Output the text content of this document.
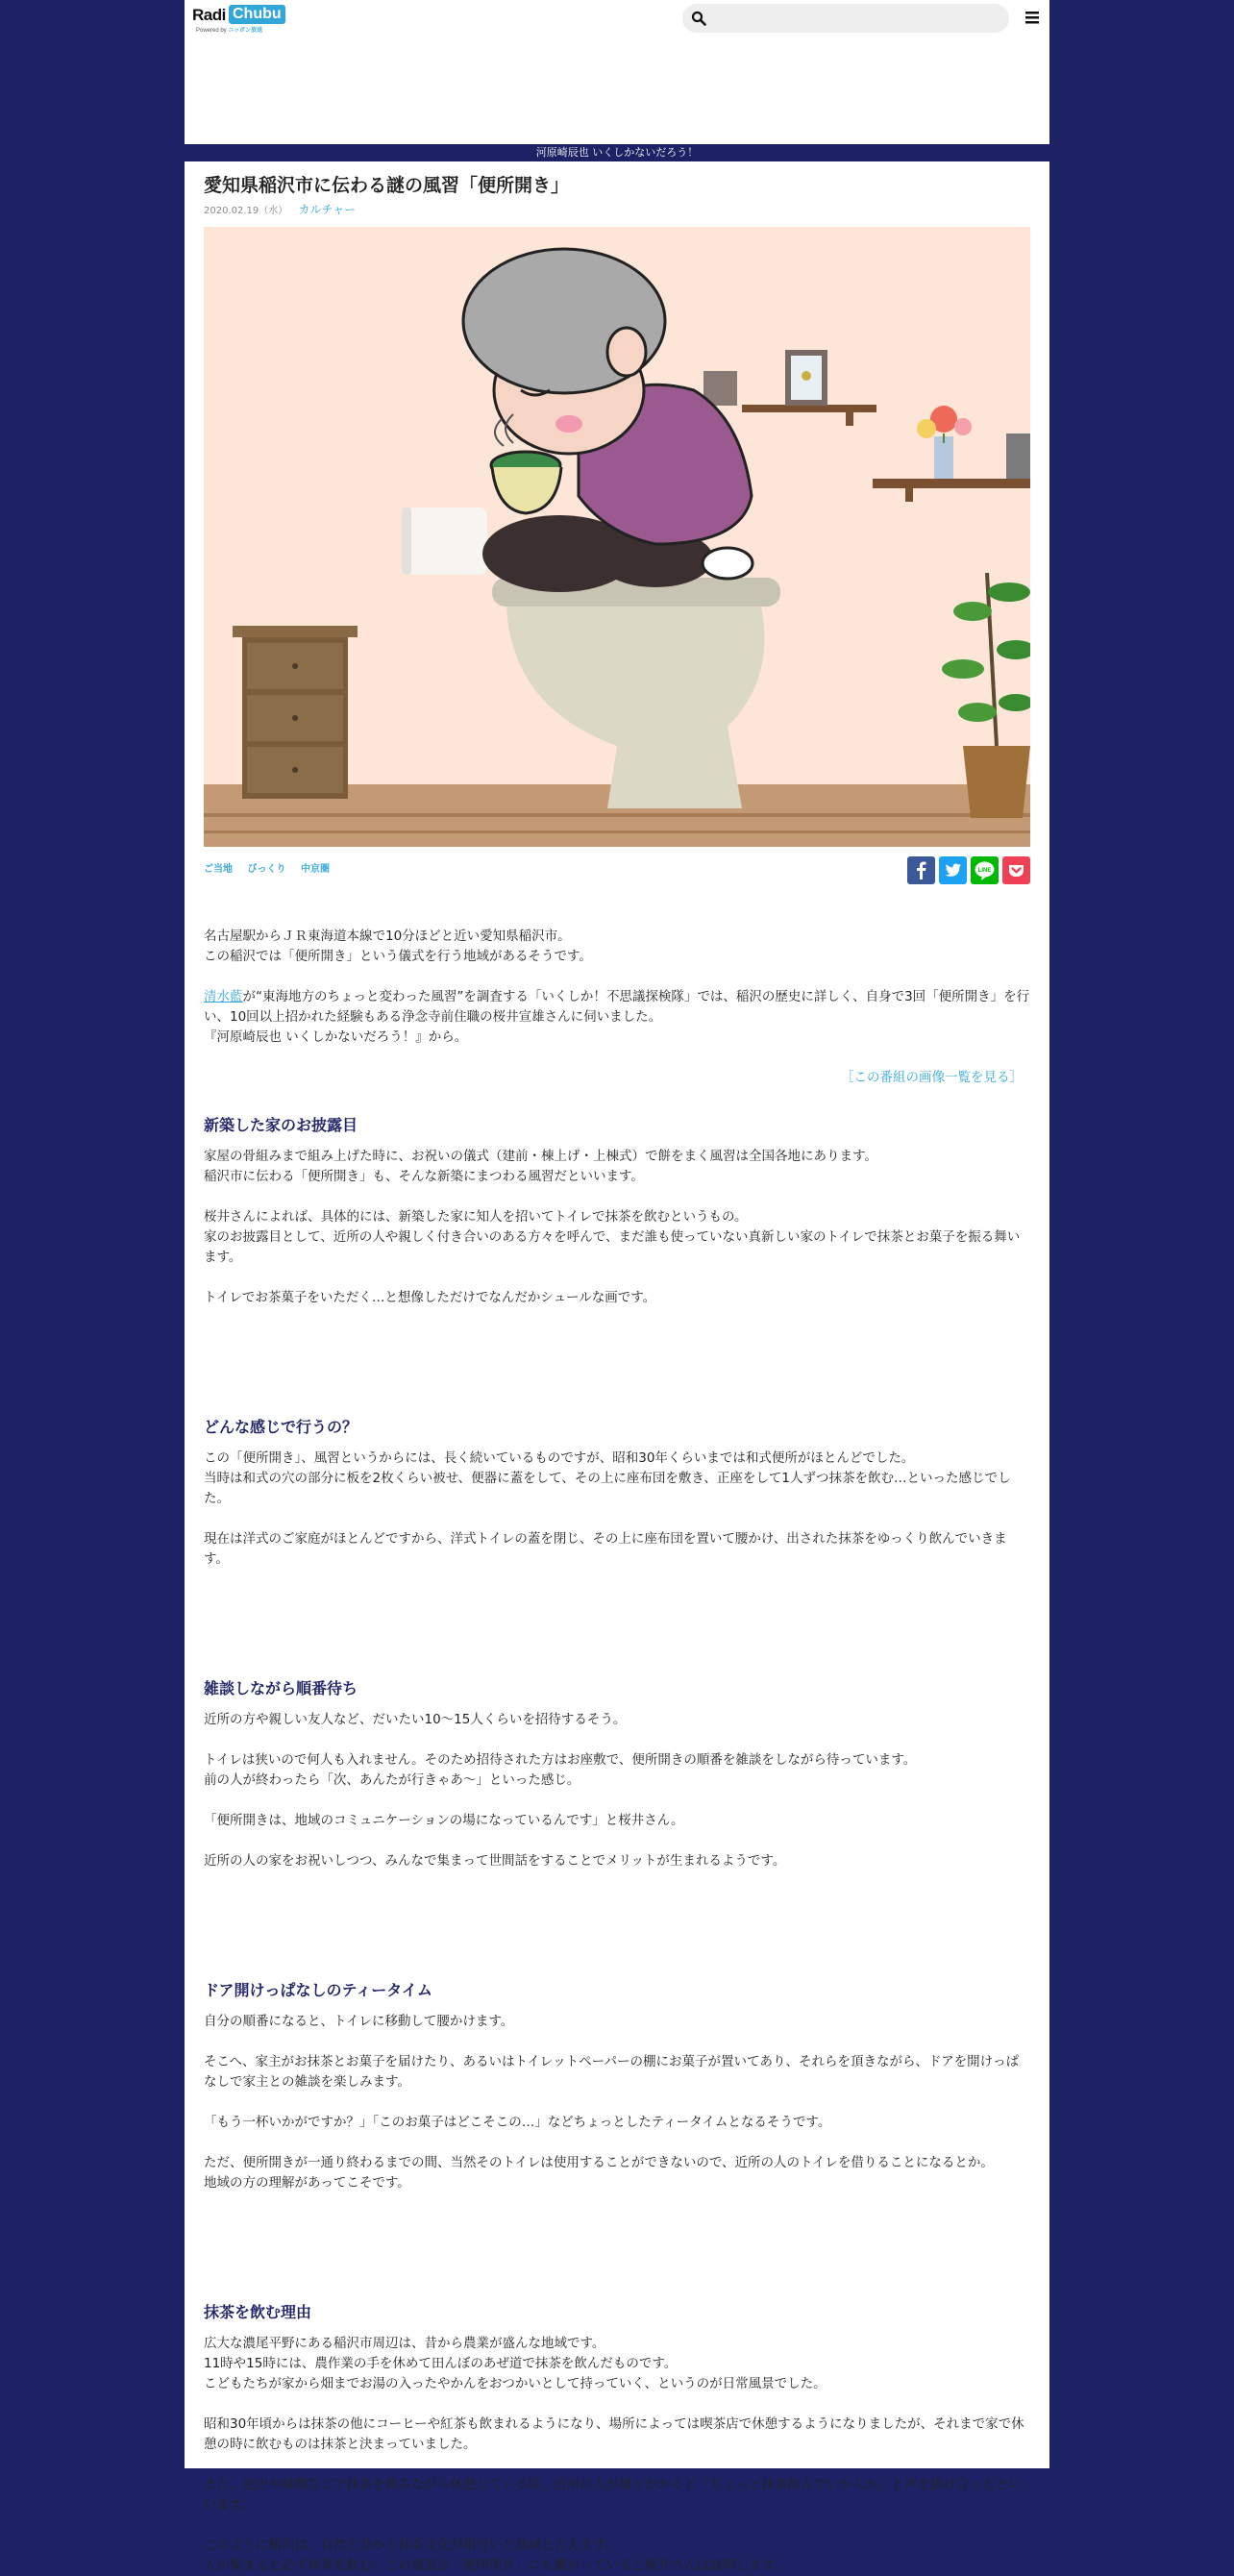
Radi Chubu
Powered by ニッポン放送
河原崎辰也 いくしかないだろう！
愛知県稲沢市に伝わる謎の風習「便所開き」
2020.02.19（水） カルチャー
ご当地 びっくり 中京圏	LINE

名古屋駅からＪＲ東海道本線で10分ほどと近い愛知県稲沢市。
この稲沢では「便所開き」という儀式を行う地域があるそうです。

清水藍が“東海地方のちょっと変わった風習”を調査する「いくしか！不思議探検隊」では、稲沢の歴史に詳しく、自身で3回「便所開き」を行い、10回以上招かれた経験もある浄念寺前住職の桜井宣雄さんに伺いました。
『河原崎辰也 いくしかないだろう！』から。

［この番組の画像一覧を見る］
新築した家のお披露目

家屋の骨組みまで組み上げた時に、お祝いの儀式（建前・棟上げ・上棟式）で餅をまく風習は全国各地にあります。
稲沢市に伝わる「便所開き」も、そんな新築にまつわる風習だといいます。

桜井さんによれば、具体的には、新築した家に知人を招いてトイレで抹茶を飲むというもの。
家のお披露目として、近所の人や親しく付き合いのある方々を呼んで、まだ誰も使っていない真新しい家のトイレで抹茶とお菓子を振る舞います。

トイレでお茶菓子をいただく…と想像しただけでなんだかシュールな画です。

どんな感じで行うの？

この「便所開き」、風習というからには、長く続いているものですが、昭和30年くらいまでは和式便所がほとんどでした。
当時は和式の穴の部分に板を2枚くらい被せ、便器に蓋をして、その上に座布団を敷き、正座をして1人ずつ抹茶を飲む…といった感じでした。

現在は洋式のご家庭がほとんどですから、洋式トイレの蓋を閉じ、その上に座布団を置いて腰かけ、出された抹茶をゆっくり飲んでいきます。

雑談しながら順番待ち

近所の方や親しい友人など、だいたい10～15人くらいを招待するそう。

トイレは狭いので何人も入れません。そのため招待された方はお座敷で、便所開きの順番を雑談をしながら待っています。
前の人が終わったら「次、あんたが行きゃあ～」といった感じ。

「便所開きは、地域のコミュニケーションの場になっているんです」と桜井さん。

近所の人の家をお祝いしつつ、みんなで集まって世間話をすることでメリットが生まれるようです。

ドア開けっぱなしのティータイム

自分の順番になると、トイレに移動して腰かけます。

そこへ、家主がお抹茶とお菓子を届けたり、あるいはトイレットペーパーの棚にお菓子が置いてあり、それらを頂きながら、ドアを開けっぱなしで家主との雑談を楽しみます。

「もう一杯いかがですか？」「このお菓子はどこそこの…」などちょっとしたティータイムとなるそうです。

ただ、便所開きが一通り終わるまでの間、当然そのトイレは使用することができないので、近所の人のトイレを借りることになるとか。
地域の方の理解があってこそです。

抹茶を飲む理由

広大な濃尾平野にある稲沢市周辺は、昔から農業が盛んな地域です。
11時や15時には、農作業の手を休めて田んぼのあぜ道で抹茶を飲んだものです。
こどもたちが家から畑までお湯の入ったやかんをおつかいとして持っていく、というのが日常風景でした。

昭和30年頃からは抹茶の他にコーヒーや紅茶も飲まれるようになり、場所によっては喫茶店で休憩するようになりましたが、それまで家で休憩の時に飲むものは抹茶と決まっていました。

また、庭先や縁側などで抹茶を飲みながら休憩している時、近所の人が通りがかると「ちょっと抹茶飲んでいかんか」と声を掛け合ったといいます。

このように稲沢は、自然と昔から抹茶文化が根付いた地域と言えます。
人が集まると必ず抹茶を飲む。この風習が「便所開き」にも繋がっていると桜井さんは説明します。
